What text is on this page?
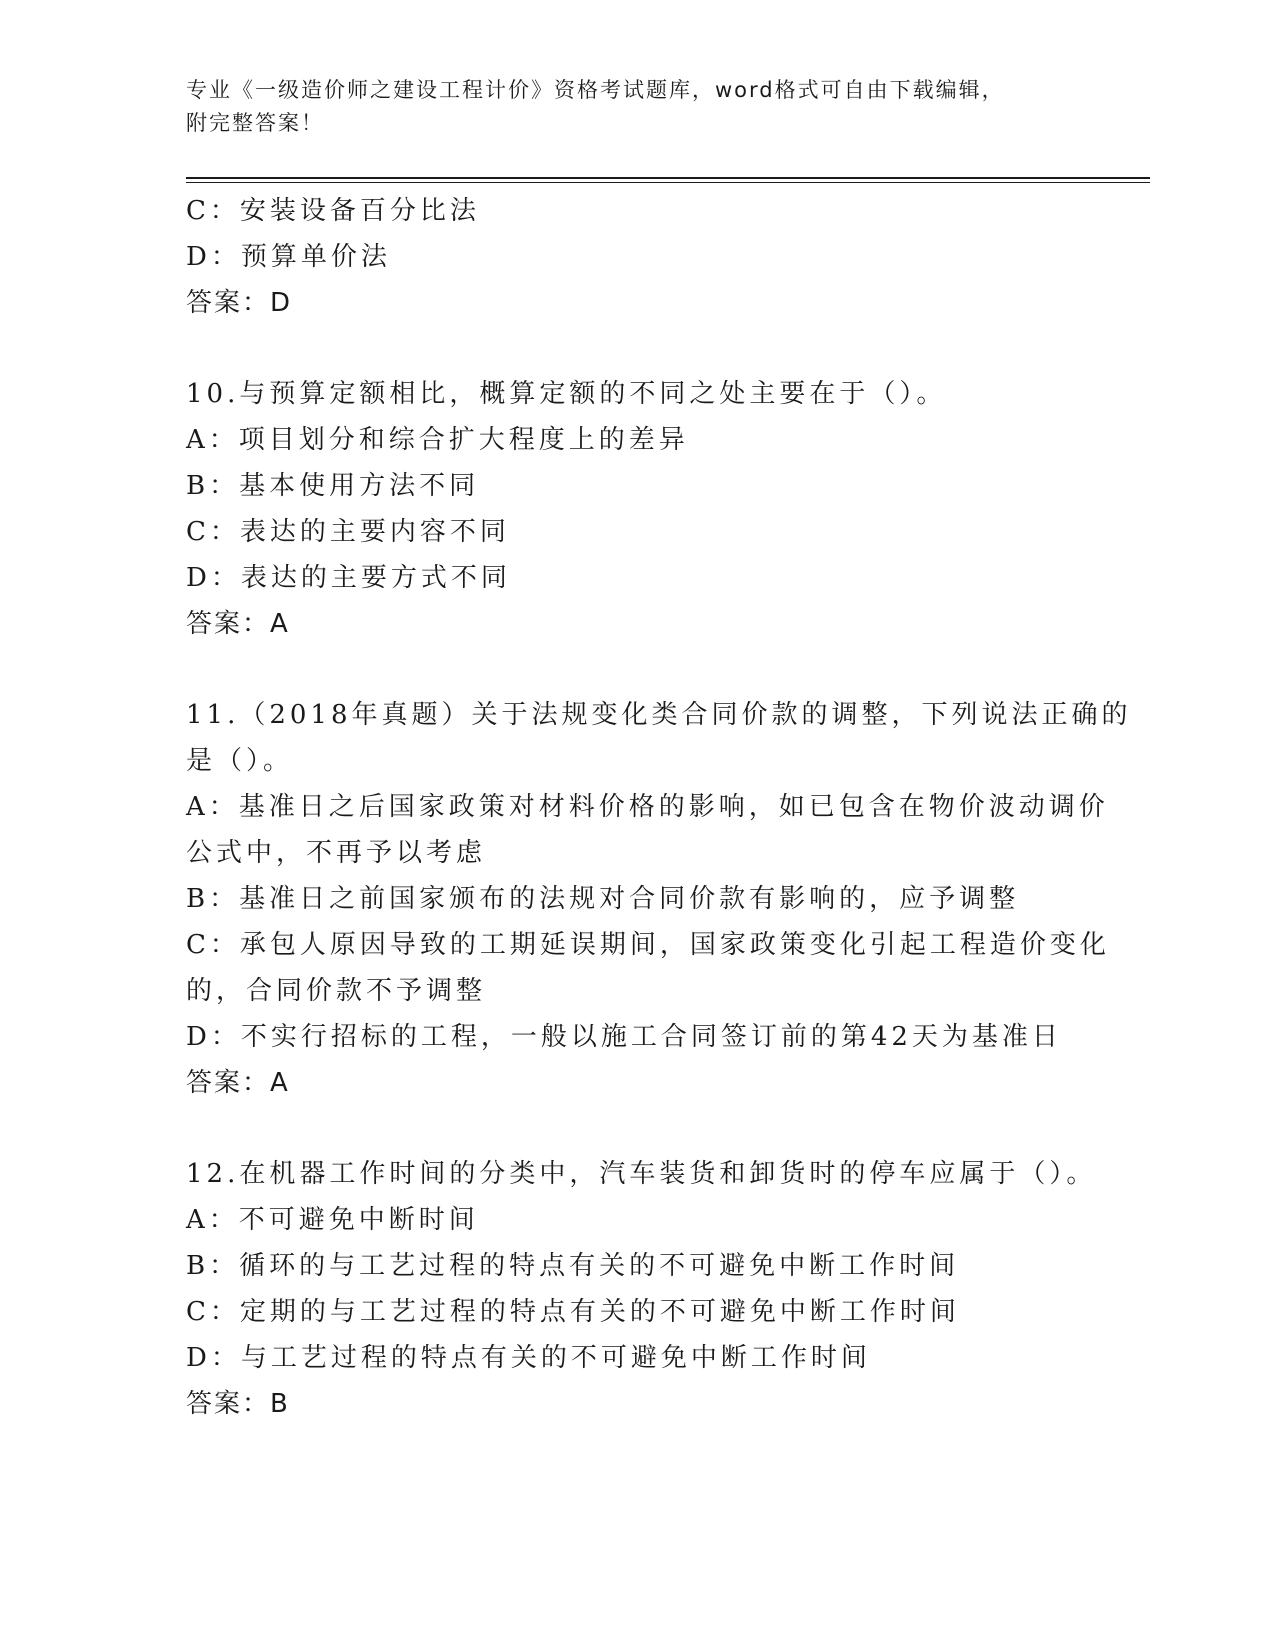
专业《一级造价师之建设工程计价》资格考试题库，word格式可自由下载编辑，
附完整答案！
C：安装设备百分比法
D：预算单价法
答案：D
10.与预算定额相比，概算定额的不同之处主要在于（）。
A：项目划分和综合扩大程度上的差异
B：基本使用方法不同
C：表达的主要内容不同
D：表达的主要方式不同
答案：A
11.（2018年真题）关于法规变化类合同价款的调整，下列说法正确的
是（）。
A：基准日之后国家政策对材料价格的影响，如已包含在物价波动调价
公式中，不再予以考虑
B：基准日之前国家颁布的法规对合同价款有影响的，应予调整
C：承包人原因导致的工期延误期间，国家政策变化引起工程造价变化
的，合同价款不予调整
D：不实行招标的工程，一般以施工合同签订前的第42天为基准日
答案：A
12.在机器工作时间的分类中，汽车装货和卸货时的停车应属于（）。
A：不可避免中断时间
B：循环的与工艺过程的特点有关的不可避免中断工作时间
C：定期的与工艺过程的特点有关的不可避免中断工作时间
D：与工艺过程的特点有关的不可避免中断工作时间
答案：B
